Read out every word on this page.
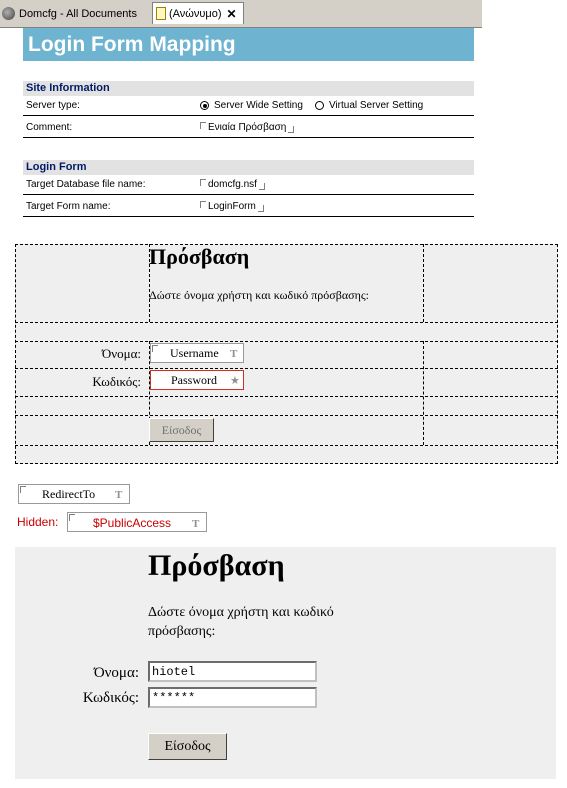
Domcfg - All Documents	(Ανώνυμο) ✕
Login Form Mapping
Site Information
Server type:	Server Wide Setting	Virtual Server Setting
Comment:	Ενιαία Πρόσβαση
Login Form
Target Database file name:	domcfg.nsf
Target Form name:	LoginForm
Πρόσβαση
Δώστε όνομα χρήστη και κωδικό πρόσβασης:
Όνομα: Username T
Κωδικός:	Password ★
Είσοδος
RedirectTo T
Hidden:	$PublicAccess T
Πρόσβαση
Δώστε όνομα χρήστη και κωδικό πρόσβασης:
Όνομα:
hiotel
Κωδικός:
******
Είσοδος
